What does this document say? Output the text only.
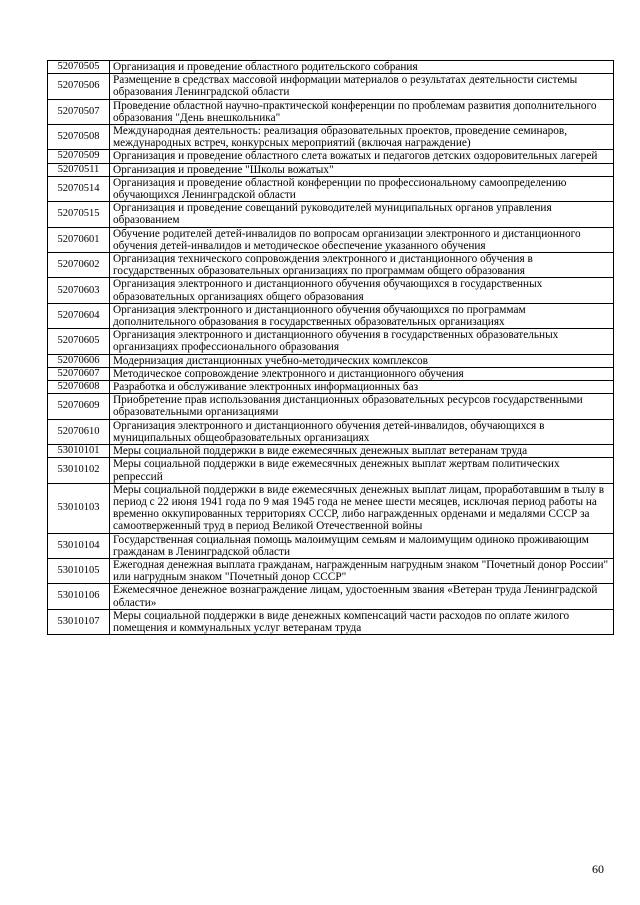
52070505	Организация и проведение областного родительского собрания
52070506	Размещение в средствах массовой информации материалов о результатах деятельности системы образования Ленинградской области
52070507	Проведение областной научно-практической конференции по проблемам развития дополнительного образования "День внешкольника"
52070508	Международная деятельность: реализация образовательных проектов, проведение семинаров, международных встреч, конкурсных мероприятий (включая награждение)
52070509	Организация и проведение областного слета вожатых и педагогов детских оздоровительных лагерей
52070511	Организация и проведение "Школы вожатых"
52070514	Организация и проведение областной конференции по профессиональному самоопределению обучающихся Ленинградской области
52070515	Организация и проведение совещаний руководителей муниципальных органов управления образованием
52070601	Обучение родителей детей-инвалидов по вопросам организации электронного и дистанционного обучения детей-инвалидов и методическое обеспечение указанного обучения
52070602	Организация технического сопровождения электронного и дистанционного обучения в государственных образовательных организациях по программам общего образования
52070603	Организация электронного и дистанционного обучения обучающихся в государственных образовательных организациях общего образования
52070604	Организация электронного и дистанционного обучения обучающихся по программам дополнительного образования в государственных образовательных организациях
52070605	Организация электронного и дистанционного обучения в государственных образовательных организациях профессионального образования
52070606	Модернизация дистанционных учебно-методических комплексов
52070607	Методическое сопровождение электронного и дистанционного обучения
52070608	Разработка и обслуживание электронных информационных баз
52070609	Приобретение прав использования дистанционных образовательных ресурсов государственными образовательными организациями
52070610	Организация электронного и дистанционного обучения детей-инвалидов, обучающихся в муниципальных общеобразовательных организациях
53010101	Меры социальной поддержки в виде ежемесячных денежных выплат ветеранам труда
53010102	Меры социальной поддержки в виде ежемесячных денежных выплат жертвам политических репрессий
53010103	Меры социальной поддержки в виде ежемесячных денежных выплат лицам, проработавшим в тылу в период с 22 июня 1941 года по 9 мая 1945 года не менее шести месяцев, исключая период работы на временно оккупированных территориях СССР, либо награжденных орденами и медалями СССР за самоотверженный труд в период Великой Отечественной войны
53010104	Государственная социальная помощь малоимущим семьям и малоимущим одиноко проживающим гражданам в Ленинградской области
53010105	Ежегодная денежная выплата гражданам, награжденным нагрудным знаком "Почетный донор России" или нагрудным знаком "Почетный донор СССР"
53010106	Ежемесячное денежное вознаграждение лицам, удостоенным звания «Ветеран труда Ленинградской области»
53010107	Меры социальной поддержки в виде денежных компенсаций части расходов по оплате жилого помещения и коммунальных услуг ветеранам труда
60
